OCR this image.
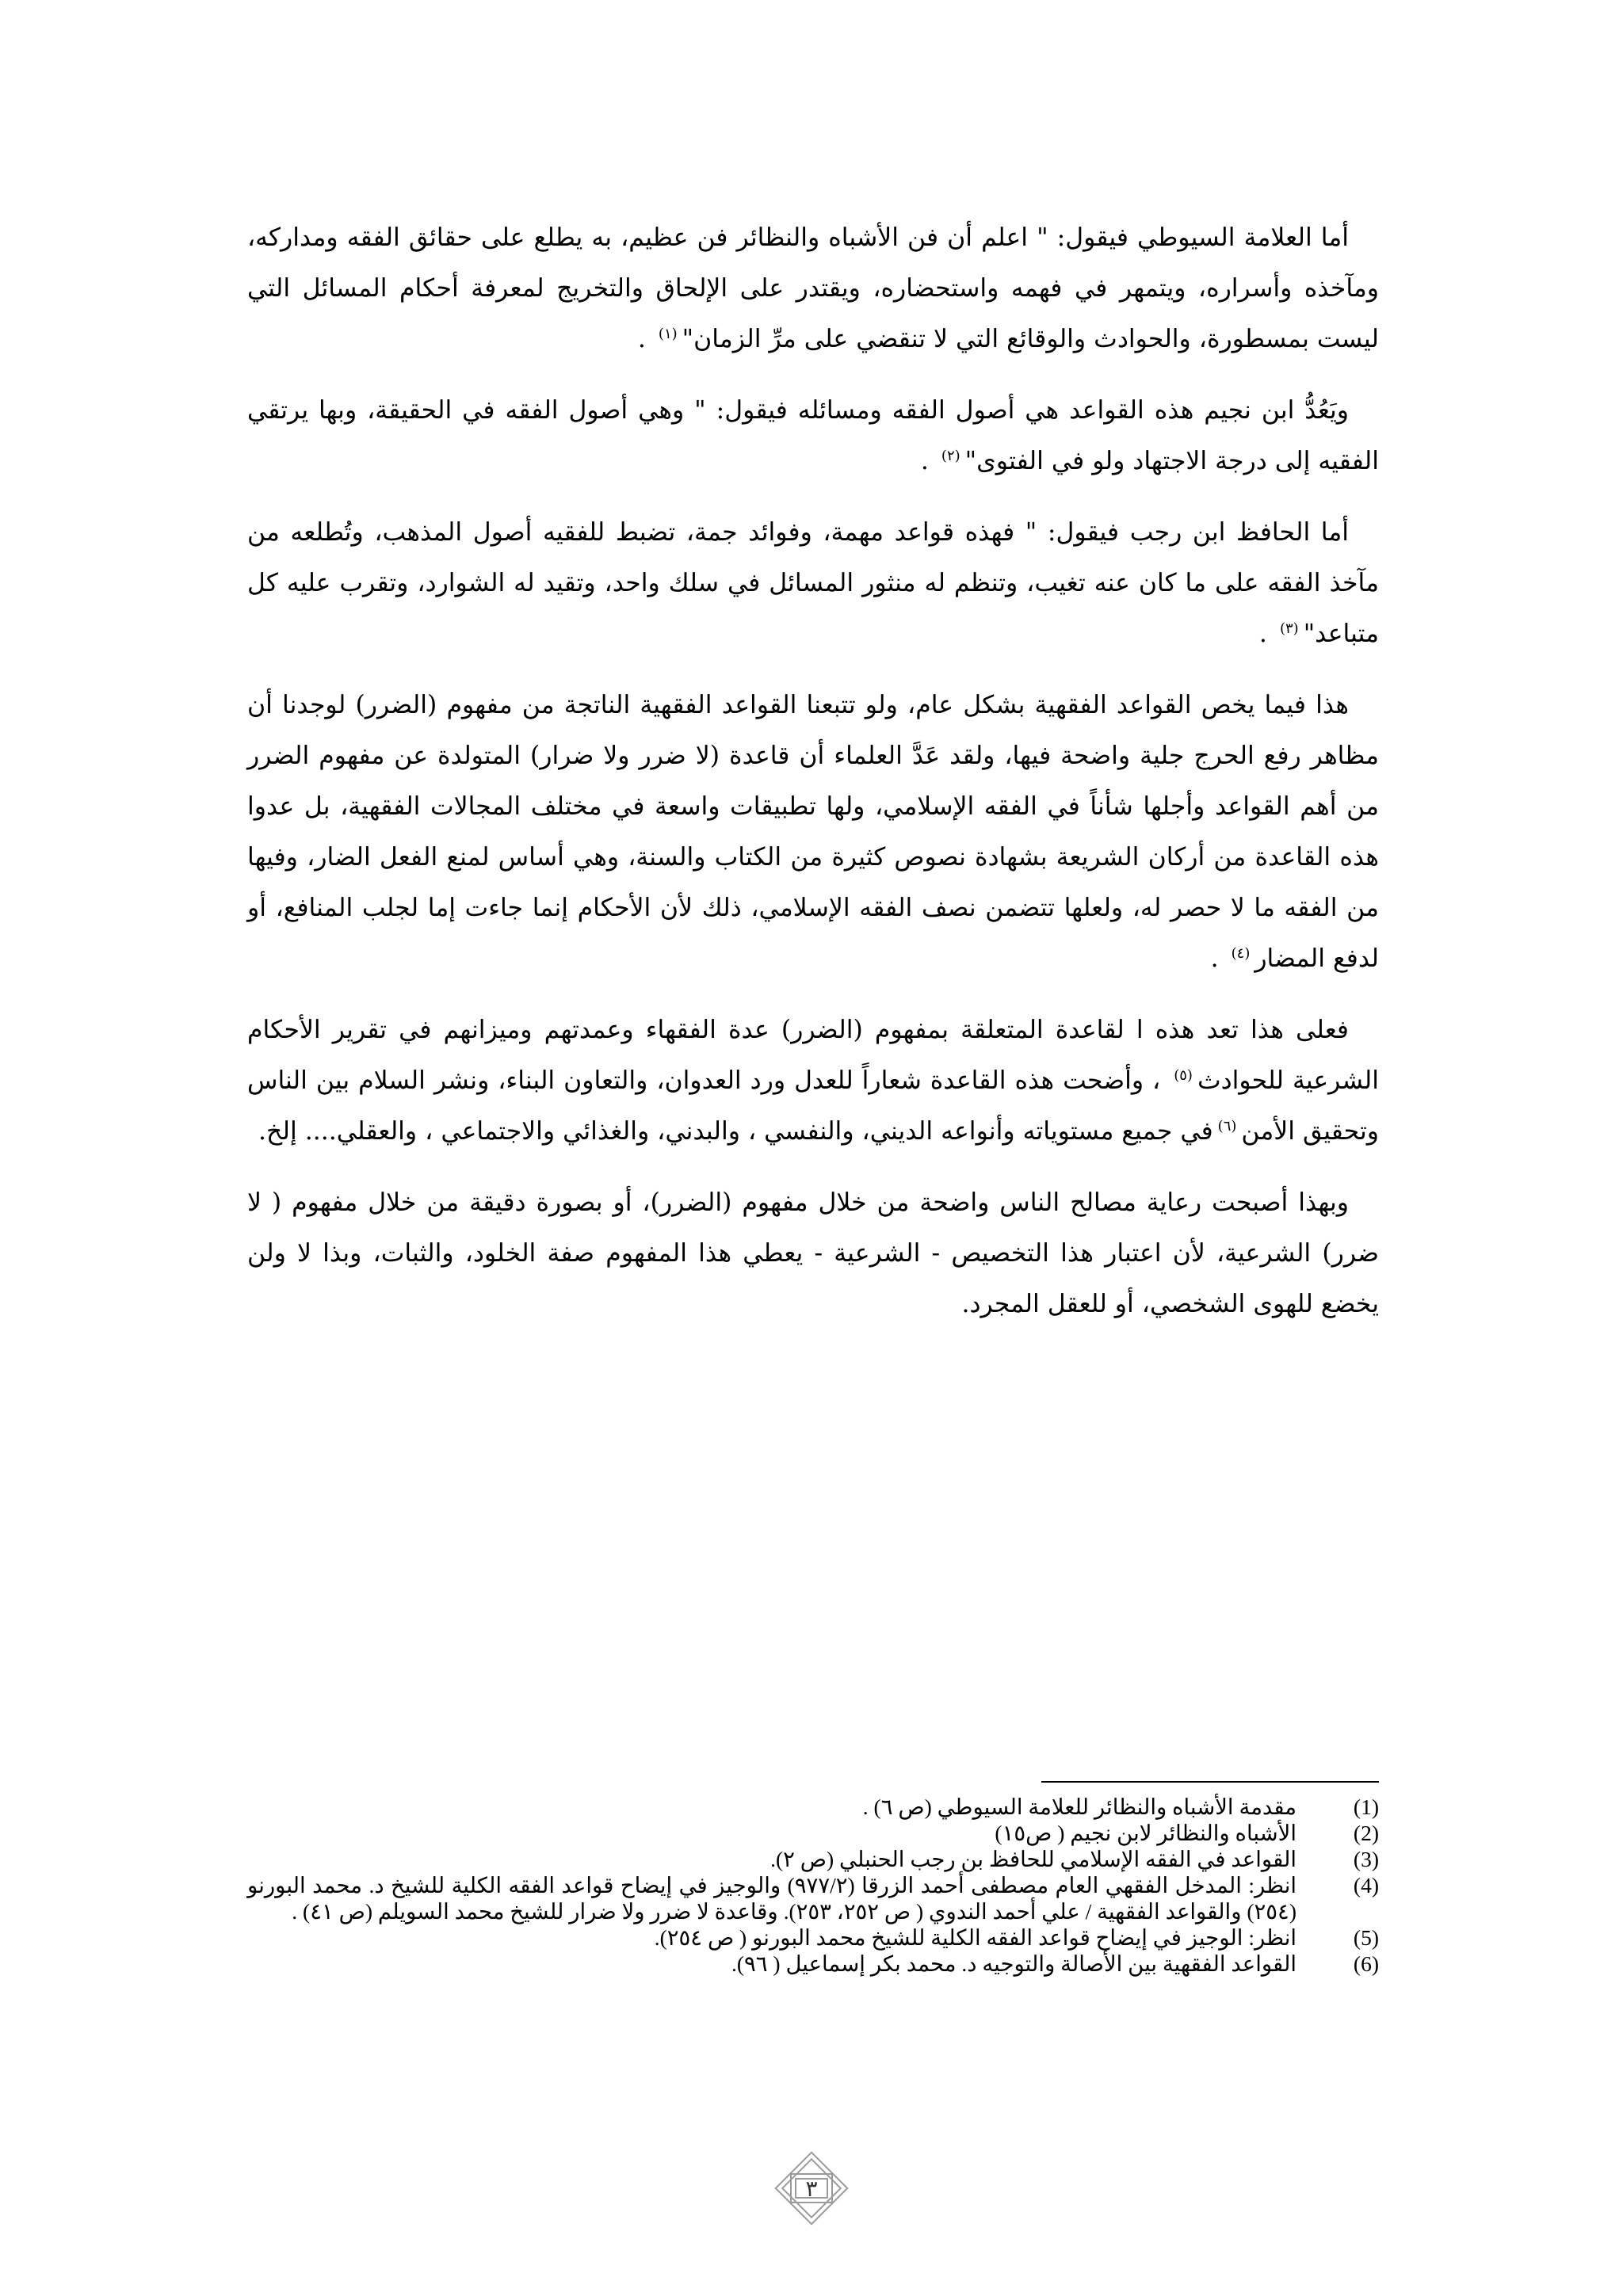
أما العلامة السيوطي فيقول: " اعلم أن فن الأشباه والنظائر فن عظيم، به يطلع على حقائق الفقه ومداركه، ومآخذه وأسراره، ويتمهر في فهمه واستحضاره، ويقتدر على الإلحاق والتخريج لمعرفة أحكام المسائل التي ليست بمسطورة، والحوادث والوقائع التي لا تنقضي على مرِّ الزمان"$^{(١)}$ .

ويَعُدُّ ابن نجيم هذه القواعد هي أصول الفقه ومسائله فيقول: " وهي أصول الفقه في الحقيقة، وبها يرتقي الفقيه إلى درجة الاجتهاد ولو في الفتوى"$^{(٢)}$ .

أما الحافظ ابن رجب فيقول: " فهذه قواعد مهمة، وفوائد جمة، تضبط للفقيه أصول المذهب، وتُطلعه من مآخذ الفقه على ما كان عنه تغيب، وتنظم له منثور المسائل في سلك واحد، وتقيد له الشوارد، وتقرب عليه كل متباعد"$^{(٣)}$ .

هذا فيما يخص القواعد الفقهية بشكل عام، ولو تتبعنا القواعد الفقهية الناتجة من مفهوم (الضرر) لوجدنا أن مظاهر رفع الحرج جلية واضحة فيها، ولقد عَدَّ العلماء أن قاعدة (لا ضرر ولا ضرار) المتولدة عن مفهوم الضرر من أهم القواعد وأجلها شأناً في الفقه الإسلامي، ولها تطبيقات واسعة في مختلف المجالات الفقهية، بل عدوا هذه القاعدة من أركان الشريعة بشهادة نصوص كثيرة من الكتاب والسنة، وهي أساس لمنع الفعل الضار، وفيها من الفقه ما لا حصر له، ولعلها تتضمن نصف الفقه الإسلامي، ذلك لأن الأحكام إنما جاءت إما لجلب المنافع، أو لدفع المضار$^{(٤)}$ .

فعلى هذا تعد هذه ا لقاعدة المتعلقة بمفهوم (الضرر) عدة الفقهاء وعمدتهم وميزانهم في تقرير الأحكام الشرعية للحوادث$^{(٥)}$ ، وأضحت هذه القاعدة شعاراً للعدل ورد العدوان، والتعاون البناء، ونشر السلام بين الناس وتحقيق الأمن$^{(٦)}$في جميع مستوياته وأنواعه الديني، والنفسي ، والبدني، والغذائي والاجتماعي ، والعقلي.... إلخ.

وبهذا أصبحت رعاية مصالح الناس واضحة من خلال مفهوم (الضرر)، أو بصورة دقيقة من خلال مفهوم ( لا ضرر) الشرعية، لأن اعتبار هذا التخصيص - الشرعية - يعطي هذا المفهوم صفة الخلود، والثبات، وبذا لا ولن يخضع للهوى الشخصي، أو للعقل المجرد.

(1)
مقدمة الأشباه والنظائر للعلامة السيوطي (ص ٦) .
(2)
الأشباه والنظائر لابن نجيم ( ص١٥)
(3)
القواعد في الفقه الإسلامي للحافظ بن رجب الحنبلي (ص ٢).
(4)
انظر: المدخل الفقهي العام مصطفى أحمد الزرقا (٩٧٧/٢) والوجيز في إيضاح قواعد الفقه الكلية للشيخ د. محمد البورنو (٢٥٤) والقواعد الفقهية / علي أحمد الندوي ( ص ٢٥٢، ٢٥٣). وقاعدة لا ضرر ولا ضرار للشيخ محمد السويلم (ص ٤١) .
(5)
انظر: الوجيز في إيضاح قواعد الفقه الكلية للشيخ محمد البورنو ( ص ٢٥٤).
(6)
القواعد الفقهية بين الأصالة والتوجيه د. محمد بكر إسماعيل ( ٩٦).
٣
